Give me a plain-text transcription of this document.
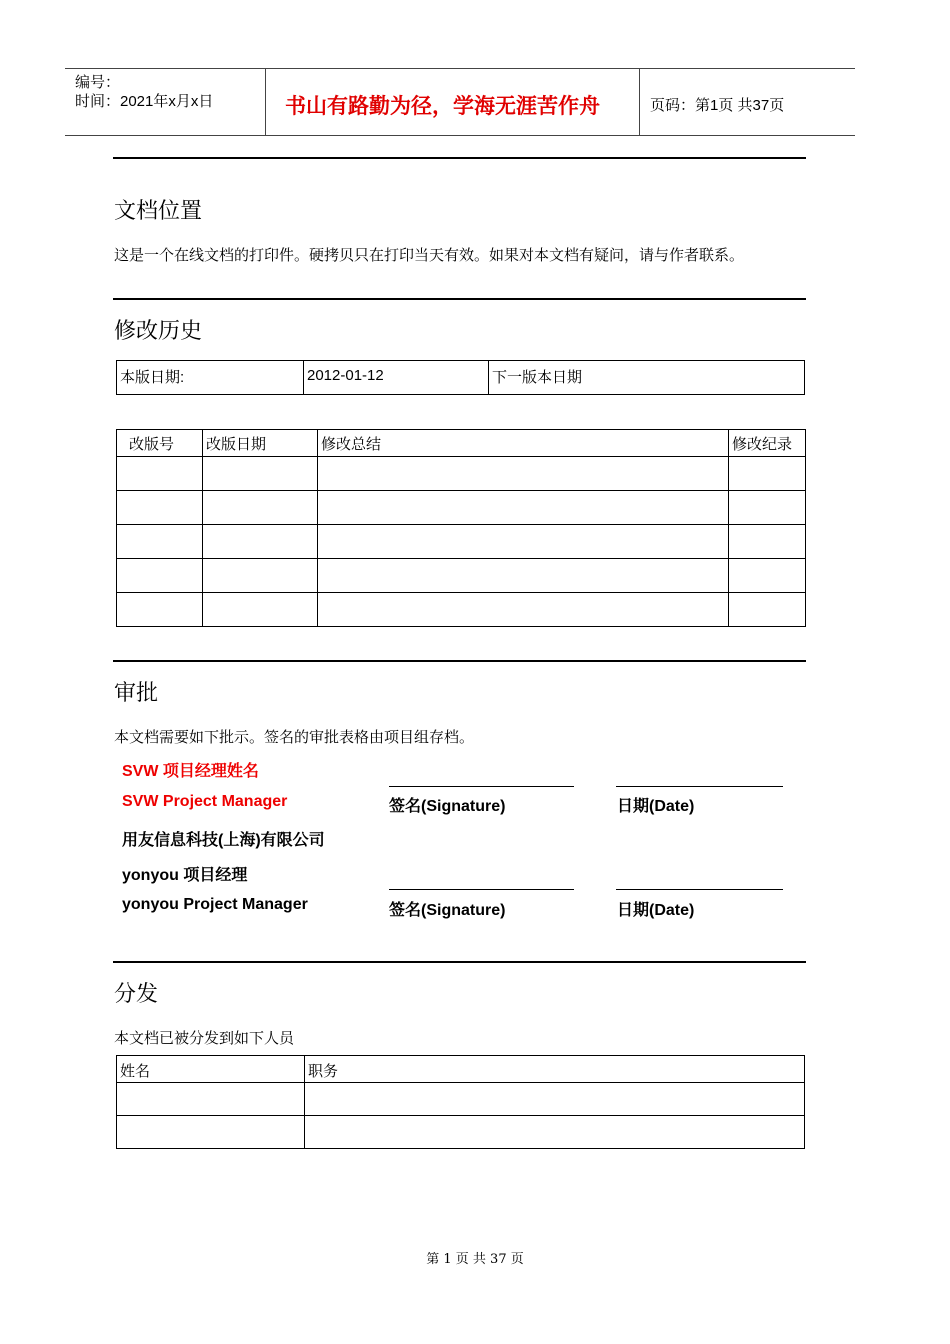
编号：
时间：2021年x月x日	书山有路勤为径，学海无涯苦作舟	页码：第1页 共37页
文档位置
这是一个在线文档的打印件。硬拷贝只在打印当天有效。如果对本文档有疑问，请与作者联系。
修改历史
本版日期:	2012-01-12	下一版本日期
改版号	改版日期	修改总结	修改纪录

审批
本文档需要如下批示。签名的审批表格由项目组存档。
SVW 项目经理姓名
SVW Project Manager	签名(Signature)	日期(Date)
用友信息科技(上海)有限公司
yonyou 项目经理
yonyou Project Manager	签名(Signature)	日期(Date)
分发
本文档已被分发到如下人员
姓名	职务

第 1 页 共 37 页
